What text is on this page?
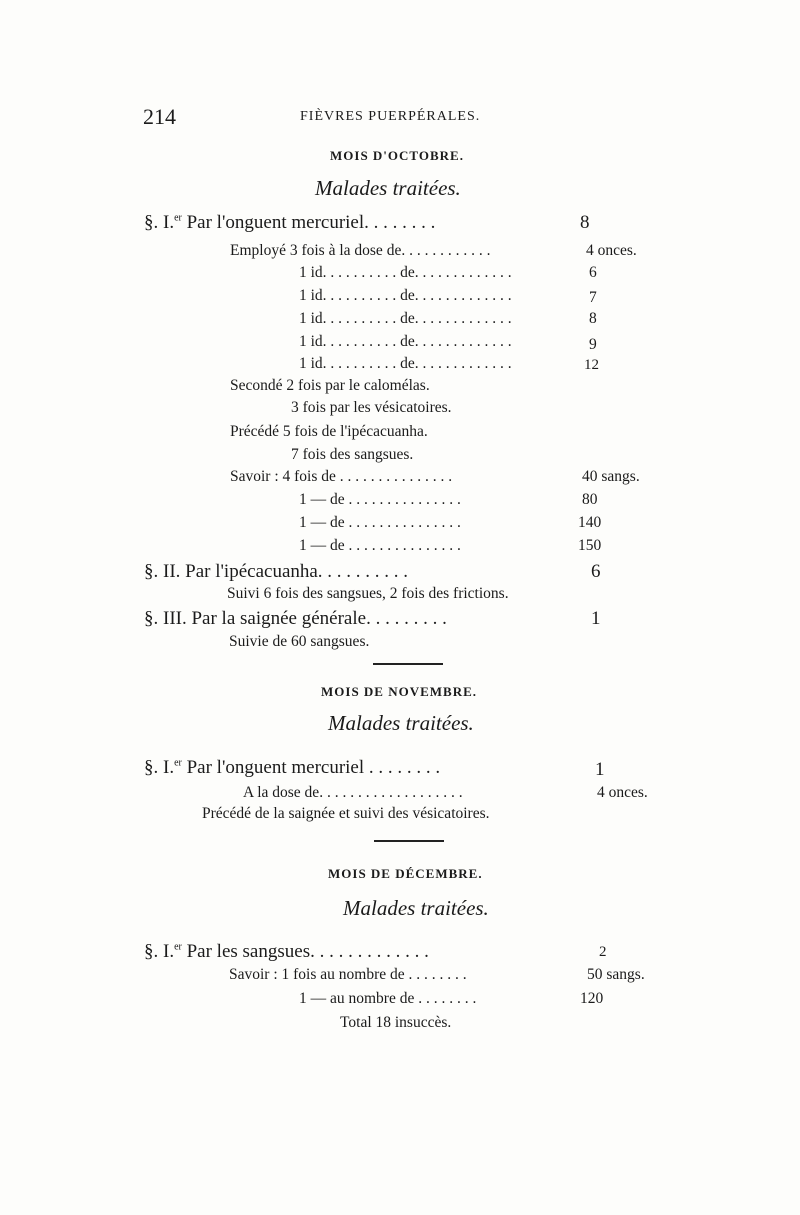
214	FIÈVRES PUERPÉRALES.
MOIS D'OCTOBRE.
Malades traitées.
§. I.$^{er}$ Par l'onguent mercuriel. . . . . . . .	8
Employé 3 fois à la dose de. . . . . . . . . . . .	4 onces.
1 id. . . . . . . . . . de. . . . . . . . . . . . .	6
1 id. . . . . . . . . . de. . . . . . . . . . . . .	7
1 id. . . . . . . . . . de. . . . . . . . . . . . .	8
1 id. . . . . . . . . . de. . . . . . . . . . . . .	9
1 id. . . . . . . . . . de. . . . . . . . . . . . .	12
Secondé 2 fois par le calomélas.
3 fois par les vésicatoires.
Précédé 5 fois de l'ipécacuanha.
7 fois des sangsues.
Savoir : 4 fois de . . . . . . . . . . . . . . .	40 sangs.
1 — de . . . . . . . . . . . . . . .	80
1 — de . . . . . . . . . . . . . . .	140
1 — de . . . . . . . . . . . . . . .	150
§. II. Par l'ipécacuanha. . . . . . . . . .	6
Suivi 6 fois des sangsues, 2 fois des frictions.
§. III. Par la saignée générale. . . . . . . . .	1
Suivie de 60 sangsues.
MOIS DE NOVEMBRE.
Malades traitées.
§. I.$^{er}$ Par l'onguent mercuriel . . . . . . . .	1
A la dose de. . . . . . . . . . . . . . . . . . .	4 onces.
Précédé de la saignée et suivi des vésicatoires.
MOIS DE DÉCEMBRE.
Malades traitées.
§. I.$^{er}$ Par les sangsues. . . . . . . . . . . . .	2
Savoir : 1 fois au nombre de . . . . . . . .	50 sangs.
1 — au nombre de . . . . . . . .	120
Total 18 insuccès.
